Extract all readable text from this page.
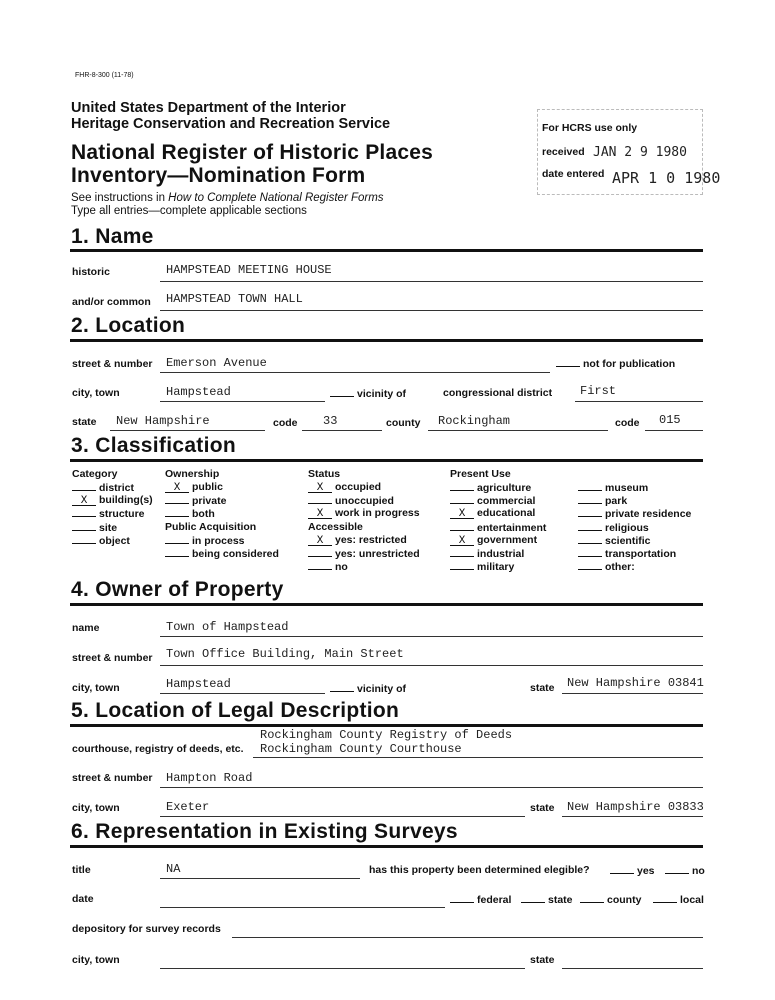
FHR-8-300 (11-78)
United States Department of the Interior
Heritage Conservation and Recreation Service
National Register of Historic Places
Inventory—Nomination Form
See instructions in How to Complete National Register Forms
Type all entries—complete applicable sections
For HCRS use only
received JAN 2 9 1980
date entered APR 1 0 1980
1. Name
historic	HAMPSTEAD MEETING HOUSE
and/or common HAMPSTEAD TOWN HALL
2. Location
street & number Emerson Avenue	not for publication
city, town	Hampstead	vicinity of	congressional district First
state New Hampshire	code 33	county Rockingham	code 015
3. Classification
Category
district
X building(s)
structure
site
object
Ownership
X public
private
both
Public Acquisition
in process
being considered
Status
X occupied
unoccupied
X work in progress
Accessible
X yes: restricted
yes: unrestricted
no
Present Use
agriculture
commercial
X educational
entertainment
X government
industrial
military
museum
park
private residence
religious
scientific
transportation
other:
4. Owner of Property
name	Town of Hampstead
street & number Town Office Building, Main Street
city, town	Hampstead	vicinity of	state New Hampshire 03841
5. Location of Legal Description
Rockingham County Registry of Deeds
courthouse, registry of deeds, etc. Rockingham County Courthouse
street & number Hampton Road
city, town	Exeter	state New Hampshire 03833
6. Representation in Existing Surveys
title	NA	has this property been determined elegible?	yes	no
date	federal	state	county	local
depository for survey records
city, town	state
